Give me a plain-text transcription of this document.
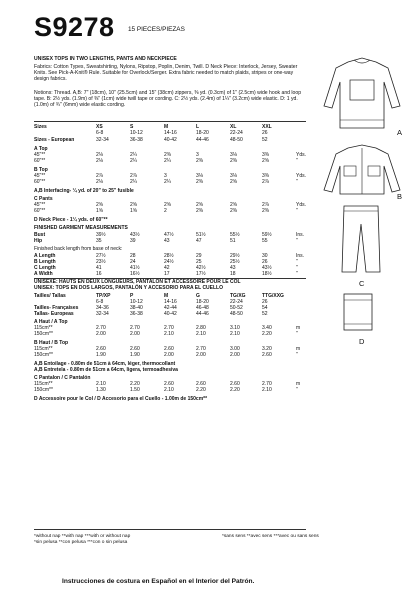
S9278 15 PIECES/PIEZAS
UNISEX TOPS IN TWO LENGTHS, PANTS AND NECKPIECE
Fabrics: Cotton Types, Sweatshirting, Nylons, Ripstop, Poplin, Denim, Twill. D Neck Piece: Interlock, Jersey, Sweater Knits. See Pick-A-Knit® Rule. Suitable for Overlock/Serger. Extra fabric needed to match plaids, stripes or one-way design fabrics.
Notions: Thread. A,B: 7" (18cm), 10" (25.5cm) and 15" (38cm) zippers, ⅜ yd. (0.3cm) of 1" (2.5cm) wide hook and loop tape. B: 2½ yds. (1.9m) of ⅜" (1cm) wide twill tape or cording. C: 2½ yds. (2.4m) of 1¼" (3.2cm) wide elastic. D: 1 yd. (1.0m) of ¾" (6mm) wide elastic cording.
Sizes	XS	S	M	L	XL	XXL
6-8	10-12	14-16	18-20	22-24	26
Sizes - European	32-34	36-38	40-42	44-46	48-50	52
A Top
45"**	2⅛	2¼	2⅜	3	3⅛	3⅜	Yds.
60"**	2⅛	2¼	2¼	2⅜	2⅜	2⅝	"
B Top
45"**	2⅞	2⅞	3	3⅛	3⅛	3⅜	Yds.
60"**	2⅛	2¼	2¼	2⅜	2⅝	2⅞	"
A,B Interfacing- ¼ yd. of 20" to 25" fusible
C Pants
45"**	2⅝	2⅝	2⅝	2⅝	2⅝	2⅞	Yds.
60"**	1⅝	1⅝	2	2⅜	2⅜	2⅜	"
D Neck Piece - 1¼ yds. of 60"**
FINISHED GARMENT MEASUREMENTS
Bust	39½	43½	47½	51½	55½	59½	Ins.
Hip	35	39	43	47	51	55	"
Finished back length from base of neck:
A Length	27½	28	28½	29	29½	30	Ins.
B Length	23½	24	24½	25	25½	26	"
C Length	41	41½	42	42½	43	43½	"
A Width	16	16½	17	17½	18	18½	"
UNISEXE: HAUTS EN DEUX LONGUEURS, PANTALON ET ACCESSOIRE POUR LE COL
UNISEX: TOPS EN DOS LARGOS, PANTALÓN Y ACCESORIO PARA EL CUELLO
Tailles/ Tallas	TP/XP	P	M	G	TG/XG	TTG/XXG
6-8	10-12	14-16	18-20	22-24	26
Tailles- Françaises	34-36	38-40	42-44	46-48	50-52	54
Tallas- Europeas	32-34	36-38	40-42	44-46	48-50	52
A Haut / A Top
115cm**	2.70	2.70	2.70	2.80	3.10	3.40	m
150cm**	2.00	2.00	2.10	2.10	2.10	2.20	"
B Haut / B Top
115cm**	2.60	2.60	2.60	2.70	3.00	3.20	m
150cm**	1.90	1.90	2.00	2.00	2.00	2.60	"
A,B Entoilage - 0.80m de 51cm à 64cm, léger, thermocollant
A,B Entretela - 0.80m de 51cm a 64cm, ligera, termoadhesiva
C Pantalon / C Pantalón
115cm**	2.10	2.20	2.60	2.60	2.60	2.70	m
150cm**	1.30	1.50	2.10	2.20	2.20	2.10	"
D Accessoire pour le Col / D Accesorio para el Cuello - 1.00m de 150cm**
*without nap **with nap ***with or without nap
*sin pelusa **con pelusa ***con o sin pelusa
*sans sens **avec sens ***avec ou sans sens
Instrucciones de costura en Español en el Interior del Patrón.
A
B
C
D
